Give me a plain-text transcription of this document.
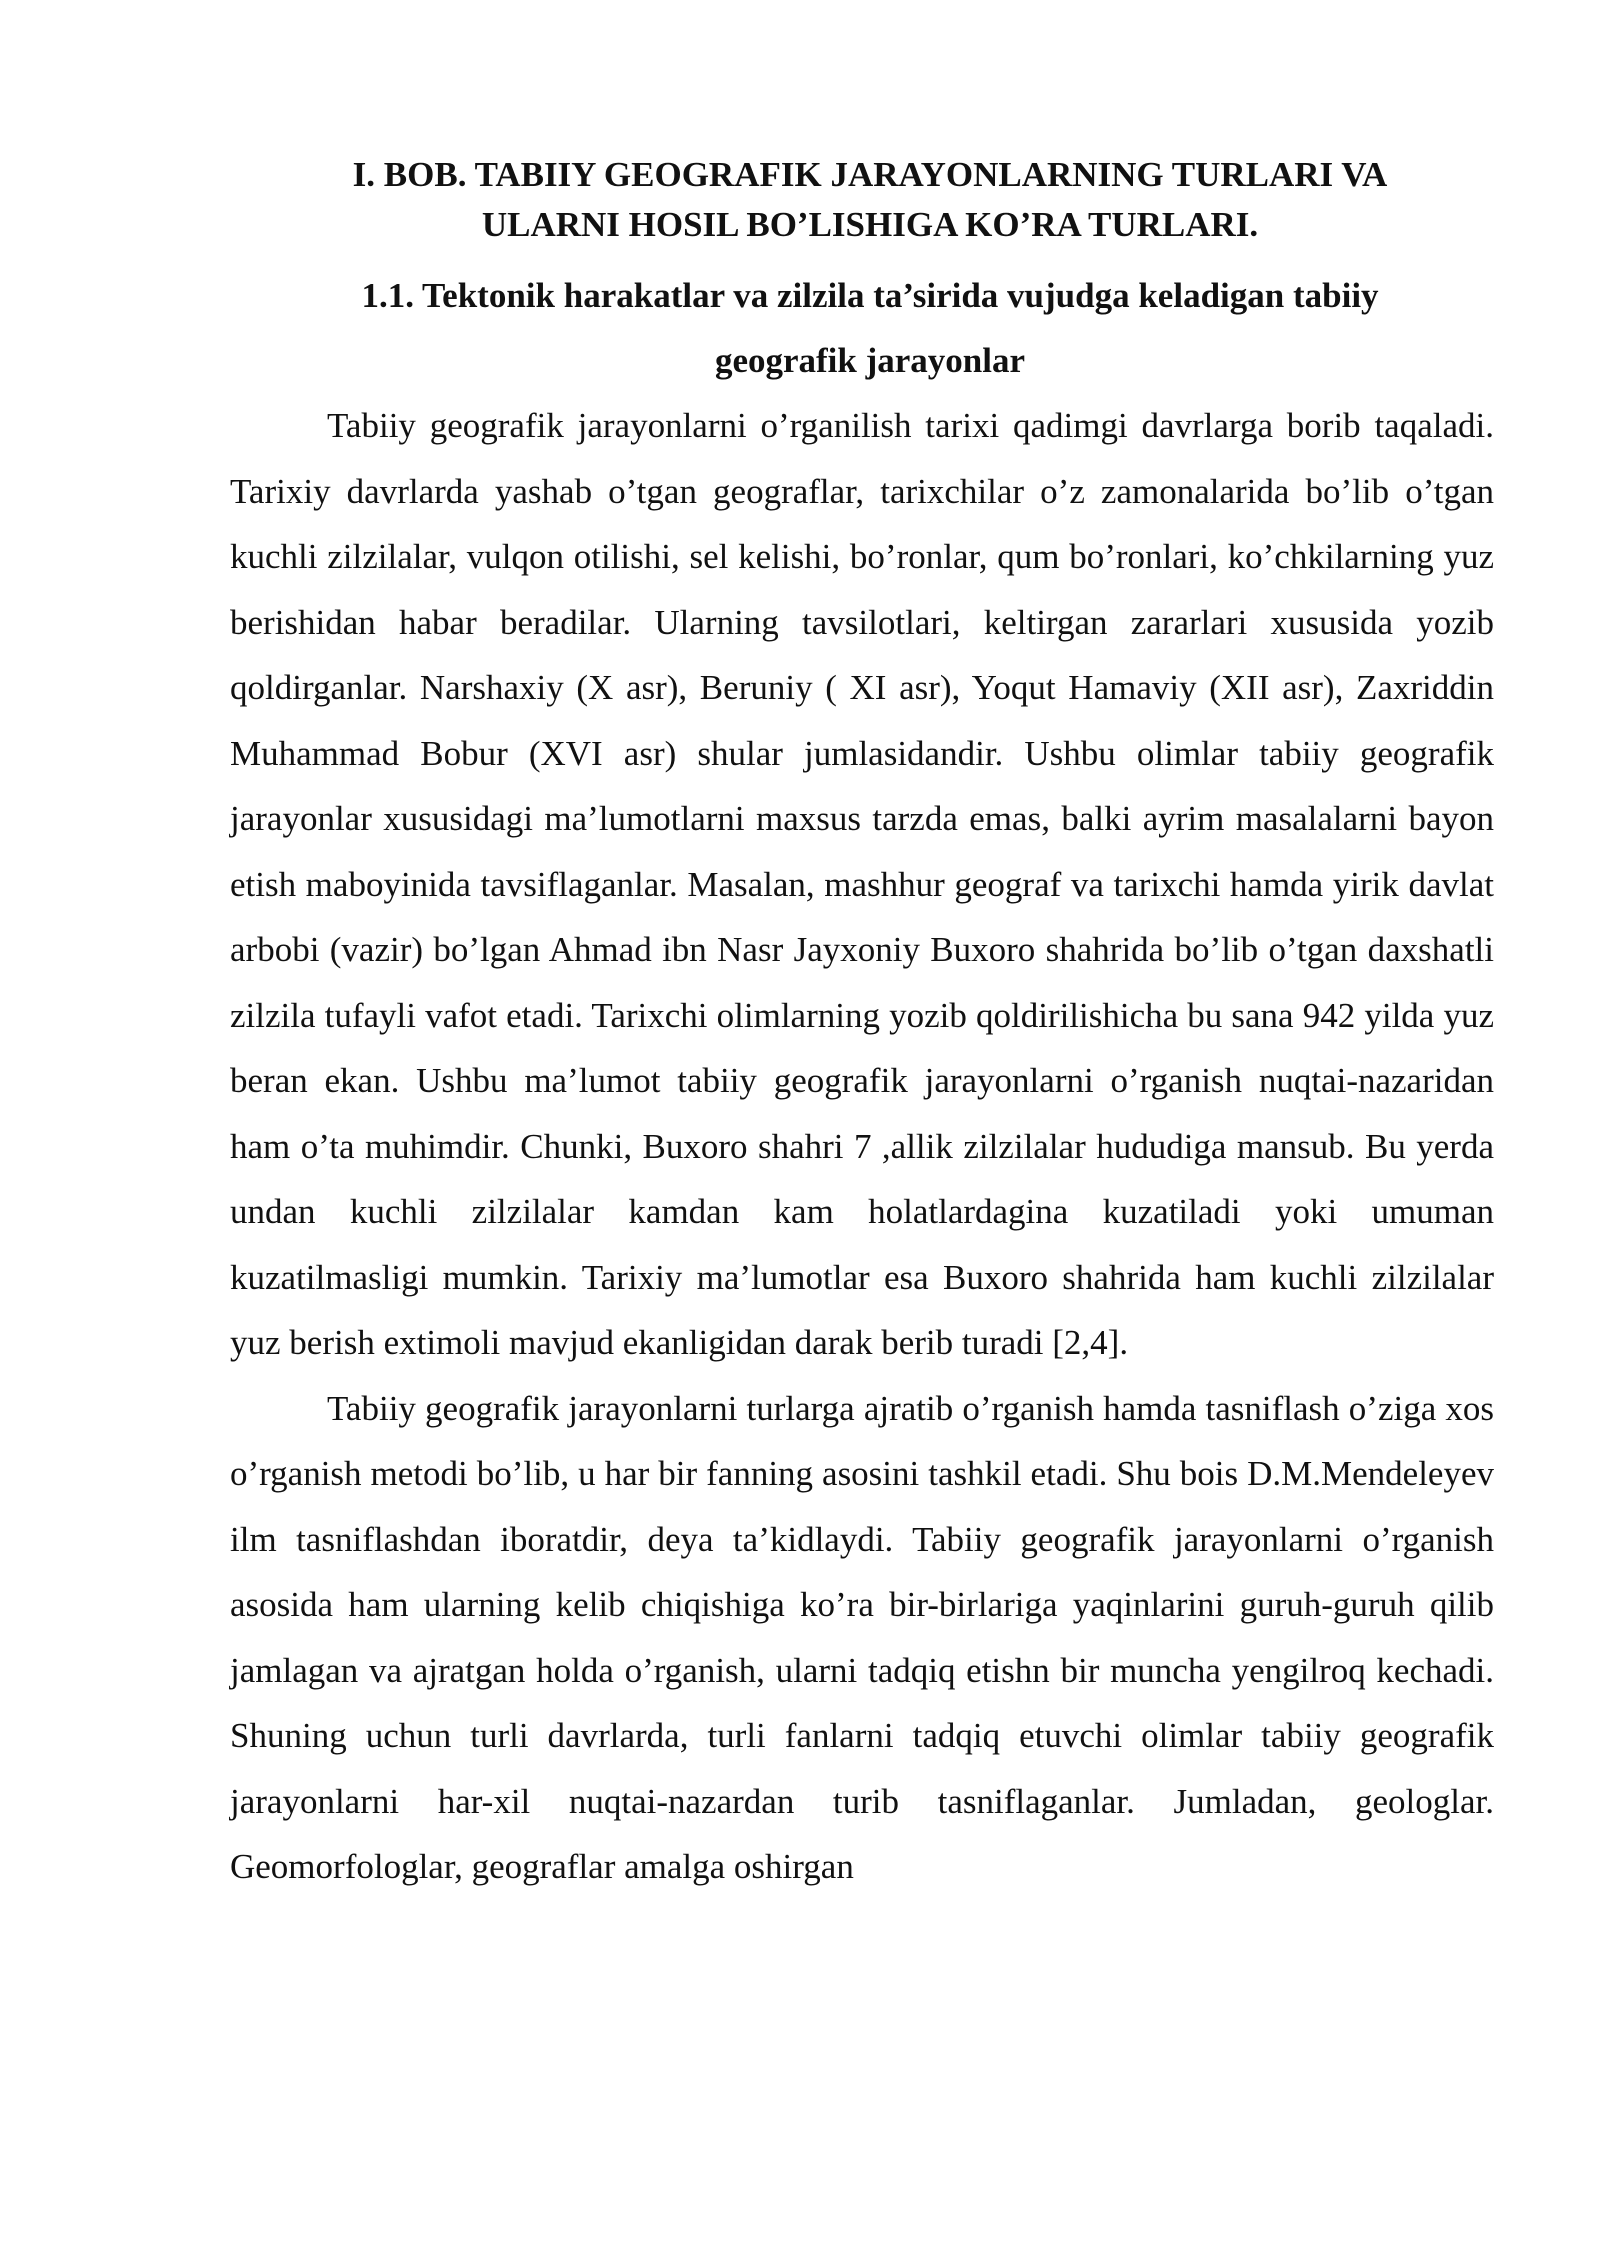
I. BOB. TABIIY GEOGRAFIK JARAYONLARNING TURLARI VA
ULARNI HOSIL BO’LISHIGA KO’RA TURLARI.
1.1. Tektonik harakatlar va zilzila ta’sirida vujudga keladigan tabiiy
geografik jarayonlar

Tabiiy geografik jarayonlarni o’rganilish tarixi qadimgi davrlarga borib taqaladi. Tarixiy davrlarda yashab o’tgan geograflar, tarixchilar o’z zamonalarida bo’lib o’tgan kuchli zilzilalar, vulqon otilishi, sel kelishi, bo’ronlar, qum bo’ronlari, ko’chkilarning yuz berishidan habar beradilar. Ularning tavsilotlari, keltirgan zararlari xususida yozib qoldirganlar. Narshaxiy (X asr), Beruniy ( XI asr), Yoqut Hamaviy (XII asr), Zaxriddin Muhammad Bobur (XVI asr) shular jumlasidandir. Ushbu olimlar tabiiy geografik jarayonlar xususidagi ma’lumotlarni maxsus tarzda emas, balki ayrim masalalarni bayon etish maboyinida tavsiflaganlar. Masalan, mashhur geograf va tarixchi hamda yirik davlat arbobi (vazir) bo’lgan Ahmad ibn Nasr Jayxoniy Buxoro shahrida bo’lib o’tgan daxshatli zilzila tufayli vafot etadi. Tarixchi olimlarning yozib qoldirilishicha bu sana 942 yilda yuz beran ekan. Ushbu ma’lumot tabiiy geografik jarayonlarni o’rganish nuqtai-nazaridan ham o’ta muhimdir. Chunki, Buxoro shahri 7 ,allik zilzilalar hududiga mansub. Bu yerda undan kuchli zilzilalar kamdan kam holatlardagina kuzatiladi yoki umuman kuzatilmasligi mumkin. Tarixiy ma’lumotlar esa Buxoro shahrida ham kuchli zilzilalar yuz berish extimoli mavjud ekanligidan darak berib turadi [2,4].

Tabiiy geografik jarayonlarni turlarga ajratib o’rganish hamda tasniflash o’ziga xos o’rganish metodi bo’lib, u har bir fanning asosini tashkil etadi. Shu bois D.M.Mendeleyev ilm tasniflashdan iboratdir, deya ta’kidlaydi. Tabiiy geografik jarayonlarni o’rganish asosida ham ularning kelib chiqishiga ko’ra bir-birlariga yaqinlarini guruh-guruh qilib jamlagan va ajratgan holda o’rganish, ularni tadqiq etishn bir muncha yengilroq kechadi. Shuning uchun turli davrlarda, turli fanlarni tadqiq etuvchi olimlar tabiiy geografik jarayonlarni har-xil nuqtai-nazardan turib tasniflaganlar. Jumladan, geologlar. Geomorfologlar, geograflar amalga oshirgan
